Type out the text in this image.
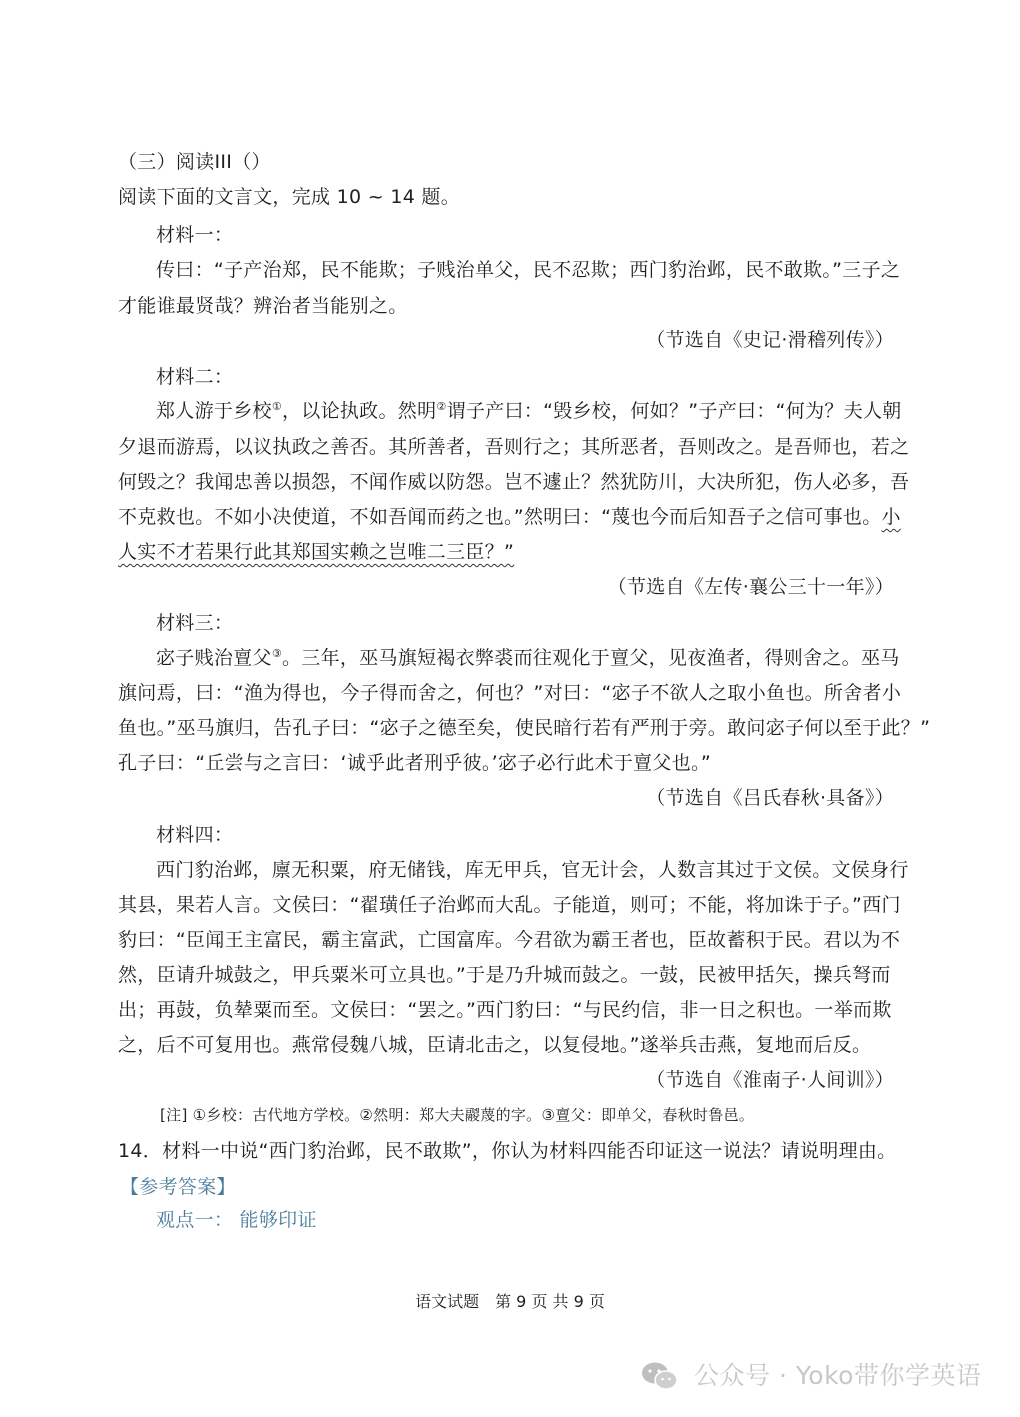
（三）阅读III（）
阅读下面的文言文，完成 10 ~ 14 题。
材料一：
传曰：“子产治郑，民不能欺；子贱治单父，民不忍欺；西门豹治邺，民不敢欺。”三子之
才能谁最贤哉？辨治者当能别之。
（节选自《史记·滑稽列传》）
材料二：
郑人游于乡校①，以论执政。然明②谓子产曰：“毁乡校，何如？”子产曰：“何为？夫人朝
夕退而游焉，以议执政之善否。其所善者，吾则行之；其所恶者，吾则改之。是吾师也，若之
何毁之？我闻忠善以损怨，不闻作威以防怨。岂不遽止？然犹防川，大决所犯，伤人必多，吾
不克救也。不如小决使道，不如吾闻而药之也。”然明曰：“蔑也今而后知吾子之信可事也。小
人实不才若果行此其郑国实赖之岂唯二三臣？”
（节选自《左传·襄公三十一年》）
材料三：
宓子贱治亶父③。三年，巫马旗短褐衣弊裘而往观化于亶父，见夜渔者，得则舍之。巫马
旗问焉，曰：“渔为得也，今子得而舍之，何也？”对曰：“宓子不欲人之取小鱼也。所舍者小
鱼也。”巫马旗归，告孔子曰：“宓子之德至矣，使民暗行若有严刑于旁。敢问宓子何以至于此？”
孔子曰：“丘尝与之言曰：‘诚乎此者刑乎彼。’宓子必行此术于亶父也。”
（节选自《吕氏春秋·具备》）
材料四：
西门豹治邺，廪无积粟，府无储钱，库无甲兵，官无计会，人数言其过于文侯。文侯身行
其县，果若人言。文侯曰：“翟璜任子治邺而大乱。子能道，则可；不能，将加诛于子。”西门
豹曰：“臣闻王主富民，霸主富武，亡国富库。今君欲为霸王者也，臣故蓄积于民。君以为不
然，臣请升城鼓之，甲兵粟米可立具也。”于是乃升城而鼓之。一鼓，民被甲括矢，操兵弩而
出；再鼓，负辇粟而至。文侯曰：“罢之。”西门豹曰：“与民约信，非一日之积也。一举而欺
之，后不可复用也。燕常侵魏八城，臣请北击之，以复侵地。”遂举兵击燕，复地而后反。
（节选自《淮南子·人间训》）
[注] ①乡校：古代地方学校。②然明：郑大夫鬷蔑的字。③亶父：即单父，春秋时鲁邑。
14．材料一中说“西门豹治邺，民不敢欺”，你认为材料四能否印证这一说法？请说明理由。
【参考答案】
观点一： 能够印证
语文试题　第 9 页 共 9 页
公众号 · Yoko带你学英语
